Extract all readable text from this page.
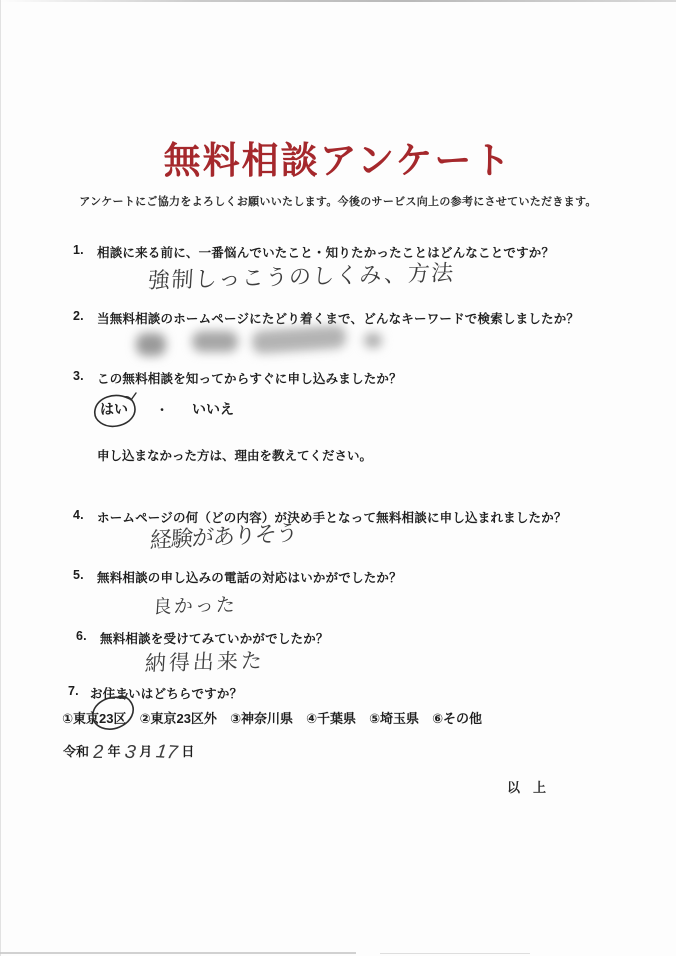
無料相談アンケート

アンケートにご協力をよろしくお願いいたします。今後のサービス向上の参考にさせていただきます。

1.	相談に来る前に、一番悩んでいたこと・知りたかったことはどんなことですか？
強制しっこうのしくみ、方法
2.	当無料相談のホームページにたどり着くまで、どんなキーワードで検索しましたか？
3.	この無料相談を知ってからすぐに申し込みましたか？
はい ・ いいえ
申し込まなかった方は、理由を教えてください。
4.	ホームページの何（どの内容）が決め手となって無料相談に申し込まれましたか？
経験がありそう
5.	無料相談の申し込みの電話の対応はいかがでしたか？
良かった
6.	無料相談を受けてみていかがでしたか？
納得出来た
7. お住まいはどちらですか？
①東京23区 ②東京23区外 ③神奈川県 ④千葉県 ⑤埼玉県 ⑥その他
令和 2 年 3 月 17 日
以　上
